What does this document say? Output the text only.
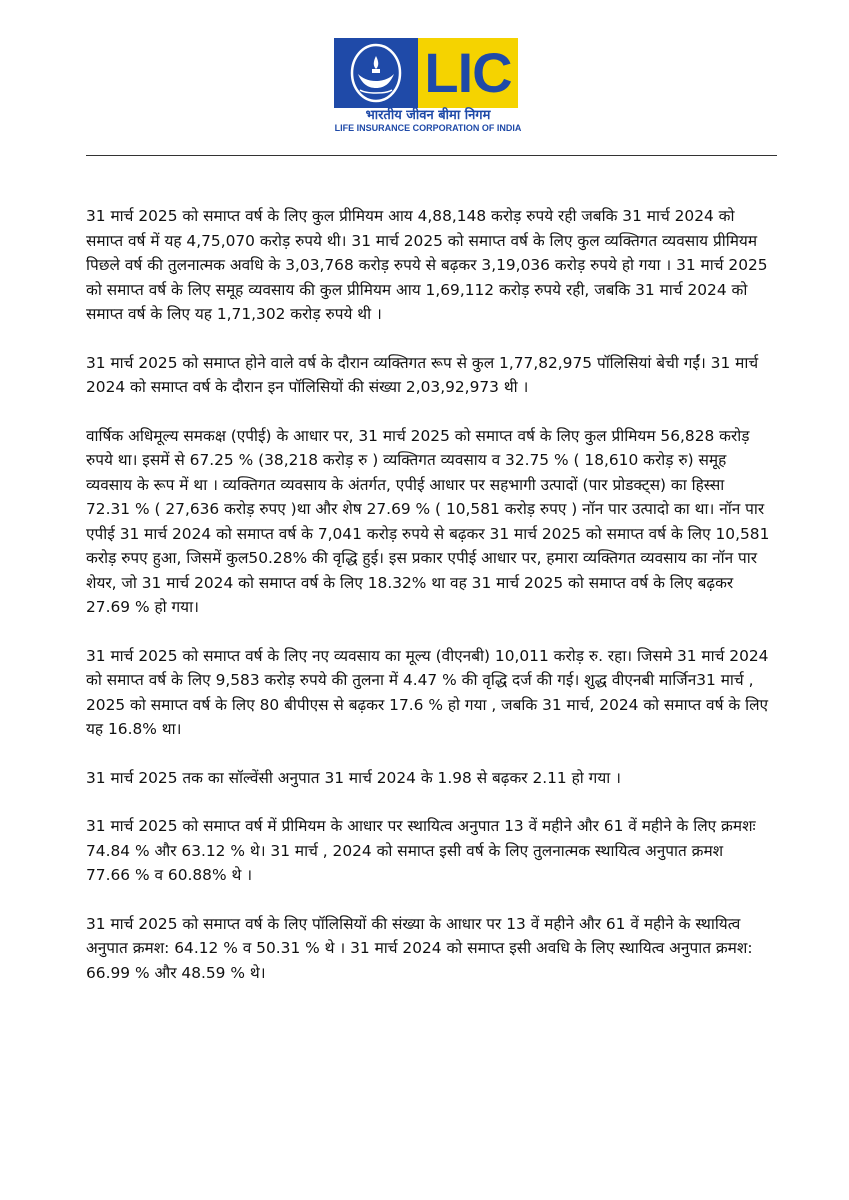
LIC
भारतीय जीवन बीमा निगम
LIFE INSURANCE CORPORATION OF INDIA

31 मार्च 2025 को समाप्त वर्ष के लिए कुल प्रीमियम आय 4,88,148 करोड़ रुपये रही जबकि 31 मार्च 2024 को समाप्त वर्ष में यह 4,75,070 करोड़ रुपये थी। 31 मार्च 2025 को समाप्त वर्ष के लिए कुल व्यक्तिगत व्यवसाय प्रीमियम पिछले वर्ष की तुलनात्मक अवधि के 3,03,768 करोड़ रुपये से बढ़कर 3,19,036 करोड़ रुपये हो गया । 31 मार्च 2025 को समाप्त वर्ष के लिए समूह व्यवसाय की कुल प्रीमियम आय 1,69,112 करोड़ रुपये रही, जबकि 31 मार्च 2024 को समाप्त वर्ष के लिए यह 1,71,302 करोड़ रुपये थी ।

31 मार्च 2025 को समाप्त होने वाले वर्ष के दौरान व्यक्तिगत रूप से कुल 1,77,82,975 पॉलिसियां बेची गईं। 31 मार्च 2024 को समाप्त वर्ष के दौरान इन पॉलिसियों की संख्या 2,03,92,973 थी ।

वार्षिक अधिमूल्य समकक्ष (एपीई) के आधार पर, 31 मार्च 2025 को समाप्त वर्ष के लिए कुल प्रीमियम 56,828 करोड़ रुपये था। इसमें से 67.25 % (38,218 करोड़ रु ) व्यक्तिगत व्यवसाय व 32.75 % ( 18,610 करोड़ रु) समूह व्यवसाय के रूप में था । व्यक्तिगत व्यवसाय के अंतर्गत, एपीई आधार पर सहभागी उत्पादों (पार प्रोडक्ट्स) का हिस्सा 72.31 % ( 27,636 करोड़ रुपए )था और शेष 27.69 % ( 10,581 करोड़ रुपए ) नॉन पार उत्पादो का था। नॉन पार एपीई 31 मार्च 2024 को समाप्त वर्ष के 7,041 करोड़ रुपये से बढ़कर 31 मार्च 2025 को समाप्त वर्ष के लिए 10,581 करोड़ रुपए हुआ, जिसमें कुल50.28% की वृद्धि हुई। इस प्रकार एपीई आधार पर, हमारा व्यक्तिगत व्यवसाय का नॉन पार शेयर, जो 31 मार्च 2024 को समाप्त वर्ष के लिए 18.32% था वह 31 मार्च 2025 को समाप्त वर्ष के लिए बढ़कर 27.69 % हो गया।

31 मार्च 2025 को समाप्त वर्ष के लिए नए व्यवसाय का मूल्य (वीएनबी) 10,011 करोड़ रु. रहा। जिसमे 31 मार्च 2024 को समाप्त वर्ष के लिए 9,583 करोड़ रुपये की तुलना में 4.47 % की वृद्धि दर्ज की गई। शुद्ध वीएनबी मार्जिन31 मार्च , 2025 को समाप्त वर्ष के लिए 80 बीपीएस से बढ़कर 17.6 % हो गया , जबकि 31 मार्च, 2024 को समाप्त वर्ष के लिए यह 16.8% था।

31 मार्च 2025 तक का सॉल्वेंसी अनुपात 31 मार्च 2024 के 1.98 से बढ़कर 2.11 हो गया ।

31 मार्च 2025 को समाप्त वर्ष में प्रीमियम के आधार पर स्थायित्व अनुपात 13 वें महीने और 61 वें महीने के लिए क्रमशः 74.84 % और 63.12 % थे। 31 मार्च , 2024 को समाप्त इसी वर्ष के लिए तुलनात्मक स्थायित्व अनुपात क्रमश 77.66 % व 60.88% थे ।

31 मार्च 2025 को समाप्त वर्ष के लिए पॉलिसियों की संख्या के आधार पर 13 वें महीने और 61 वें महीने के स्थायित्व अनुपात क्रमश: 64.12 % व 50.31 % थे । 31 मार्च 2024 को समाप्त इसी अवधि के लिए स्थायित्व अनुपात क्रमश: 66.99 % और 48.59 % थे।
